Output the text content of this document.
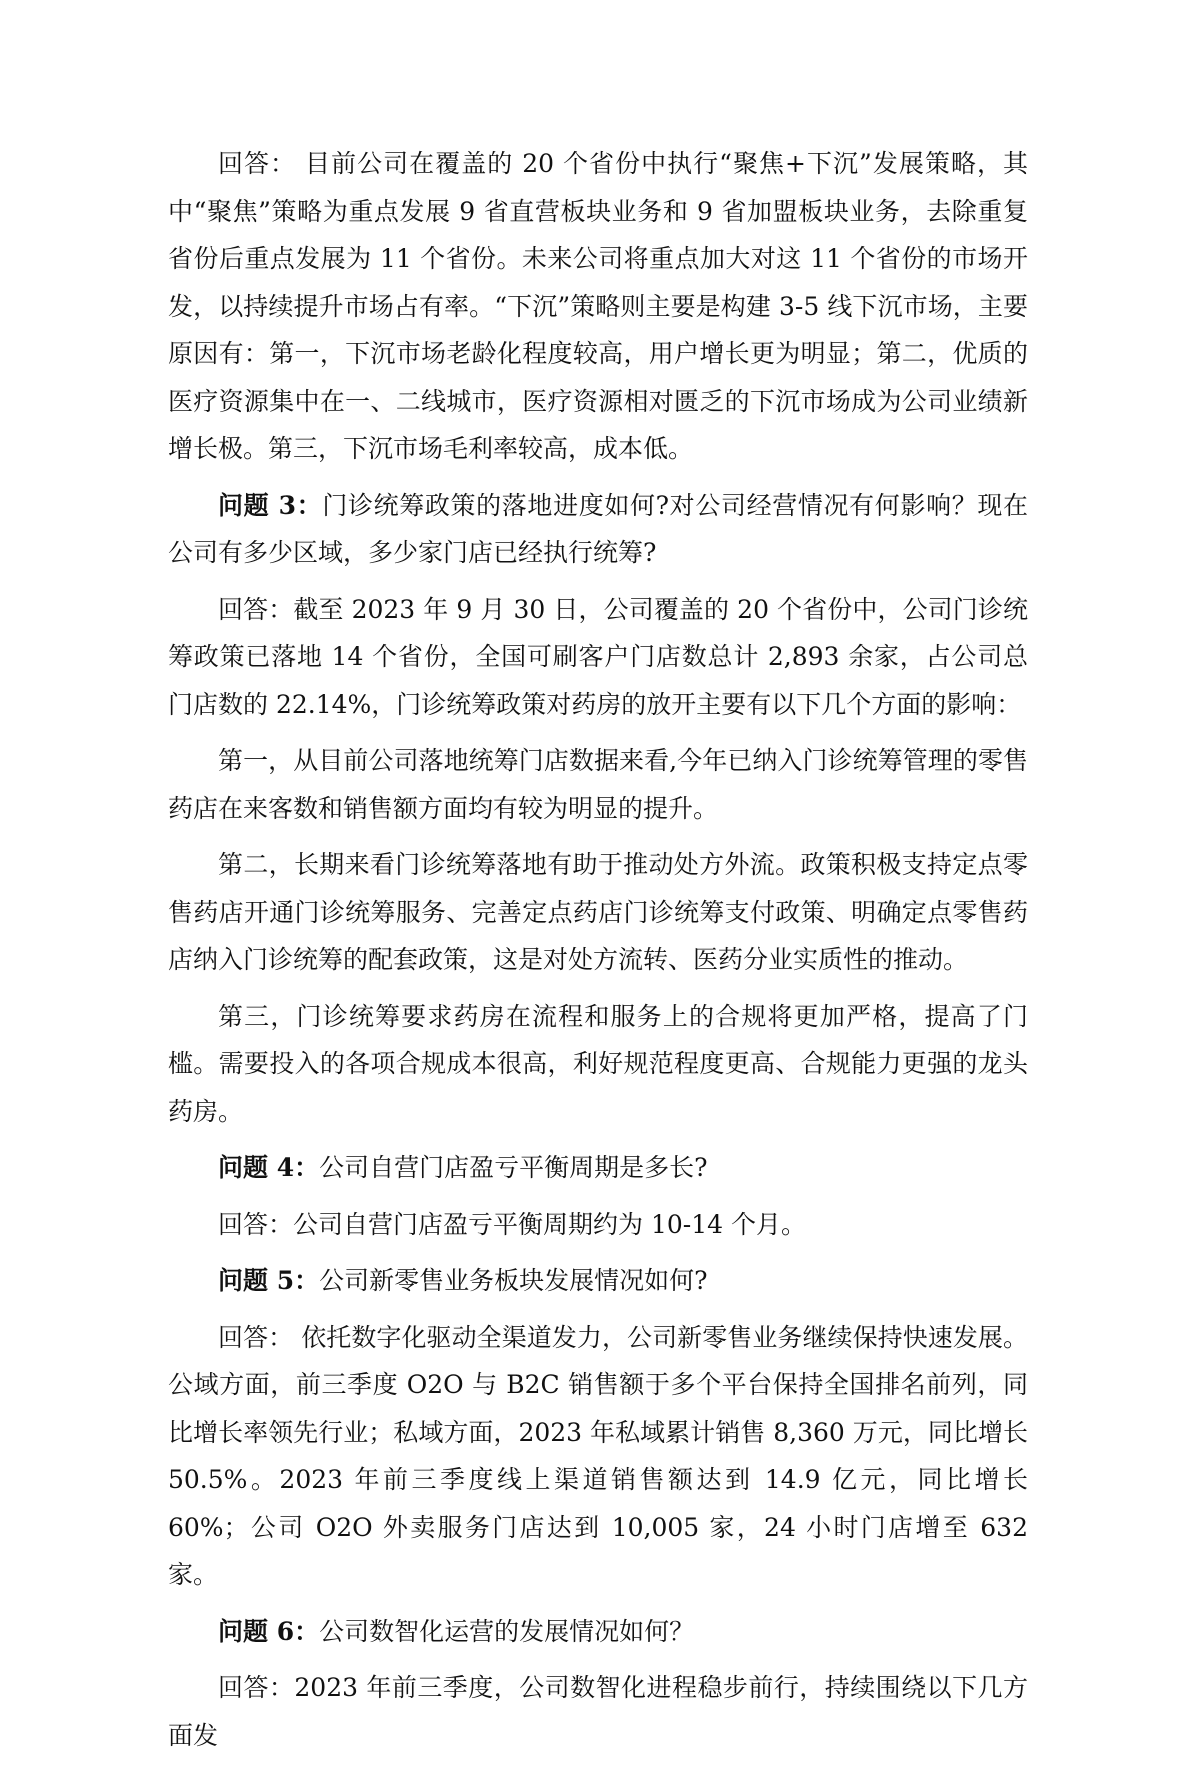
回答： 目前公司在覆盖的 20 个省份中执行“聚焦+下沉”发展策略，其中“聚焦”策略为重点发展 9 省直营板块业务和 9 省加盟板块业务，去除重复省份后重点发展为 11 个省份。未来公司将重点加大对这 11 个省份的市场开发，以持续提升市场占有率。“下沉”策略则主要是构建 3-5 线下沉市场，主要原因有：第一，下沉市场老龄化程度较高，用户增长更为明显；第二，优质的医疗资源集中在一、二线城市，医疗资源相对匮乏的下沉市场成为公司业绩新增长极。第三，下沉市场毛利率较高，成本低。

问题 3：门诊统筹政策的落地进度如何?对公司经营情况有何影响？现在公司有多少区域，多少家门店已经执行统筹?

回答：截至 2023 年 9 月 30 日，公司覆盖的 20 个省份中，公司门诊统筹政策已落地 14 个省份，全国可刷客户门店数总计 2,893 余家，占公司总门店数的 22.14%，门诊统筹政策对药房的放开主要有以下几个方面的影响：

第一，从目前公司落地统筹门店数据来看,今年已纳入门诊统筹管理的零售药店在来客数和销售额方面均有较为明显的提升。

第二，长期来看门诊统筹落地有助于推动处方外流。政策积极支持定点零售药店开通门诊统筹服务、完善定点药店门诊统筹支付政策、明确定点零售药店纳入门诊统筹的配套政策，这是对处方流转、医药分业实质性的推动。

第三，门诊统筹要求药房在流程和服务上的合规将更加严格，提高了门槛。需要投入的各项合规成本很高，利好规范程度更高、合规能力更强的龙头药房。

问题 4：公司自营门店盈亏平衡周期是多长?

回答：公司自营门店盈亏平衡周期约为 10-14 个月。

问题 5：公司新零售业务板块发展情况如何?

回答： 依托数字化驱动全渠道发力，公司新零售业务继续保持快速发展。公域方面，前三季度 O2O 与 B2C 销售额于多个平台保持全国排名前列，同比增长率领先行业；私域方面，2023 年私域累计销售 8,360 万元，同比增长 50.5%。2023 年前三季度线上渠道销售额达到 14.9 亿元，同比增长 60%；公司 O2O 外卖服务门店达到 10,005 家，24 小时门店增至 632 家。

问题 6：公司数智化运营的发展情况如何？

回答：2023 年前三季度，公司数智化进程稳步前行，持续围绕以下几方面发
